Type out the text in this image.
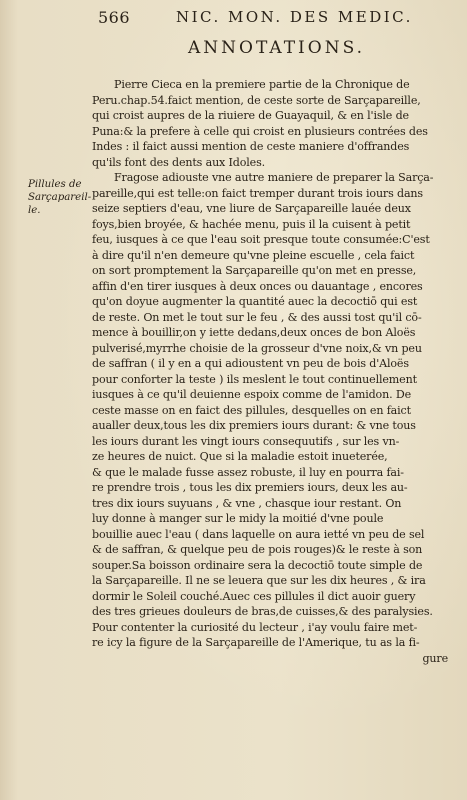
566	NIC. MON. DES MEDIC.
ANNOTATIONS.
Pillules de
Sarçapareil-
le.
Pierre Cieca en la premiere partie de la Chronique de
Peru.chap.54.faict mention, de ceste sorte de Sarçapareille,
qui croist aupres de la riuiere de Guayaquil, & en l'isle de
Puna:& la prefere à celle qui croist en plusieurs contrées des
Indes : il faict aussi mention de ceste maniere d'offrandes
qu'ils font des dents aux Idoles.
Fragose adiouste vne autre maniere de preparer la Sarça-
pareille,qui est telle:on faict tremper durant trois iours dans
seize septiers d'eau, vne liure de Sarçapareille lauée deux
foys,bien broyée, & hachée menu, puis il la cuisent à petit
feu, iusques à ce que l'eau soit presque toute consumée:C'est
à dire qu'il n'en demeure qu'vne pleine escuelle , cela faict
on sort promptement la Sarçapareille qu'on met en presse,
affin d'en tirer iusques à deux onces ou dauantage , encores
qu'on doyue augmenter la quantité auec la decoctiō qui est
de reste. On met le tout sur le feu , & des aussi tost qu'il cō-
mence à bouillir,on y iette dedans,deux onces de bon Aloës
pulverisé,myrrhe choisie de la grosseur d'vne noix,& vn peu
de saffran ( il y en a qui adioustent vn peu de bois d'Aloës
pour conforter la teste ) ils meslent le tout continuellement
iusques à ce qu'il deuienne espoix comme de l'amidon. De
ceste masse on en faict des pillules, desquelles on en faict
aualler deux,tous les dix premiers iours durant: & vne tous
les iours durant les vingt iours consequutifs , sur les vn-
ze heures de nuict. Que si la maladie estoit inueterée,
& que le malade fusse assez robuste, il luy en pourra fai-
re prendre trois , tous les dix premiers iours, deux les au-
tres dix iours suyuans , & vne , chasque iour restant. On
luy donne à manger sur le midy la moitié d'vne poule
bouillie auec l'eau ( dans laquelle on aura ietté vn peu de sel
& de saffran, & quelque peu de pois rouges)& le reste à son
souper.Sa boisson ordinaire sera la decoctiō toute simple de
la Sarçapareille. Il ne se leuera que sur les dix heures , & ira
dormir le Soleil couché.Auec ces pillules il dict auoir guery
des tres grieues douleurs de bras,de cuisses,& des paralysies.
Pour contenter la curiosité du lecteur , i'ay voulu faire met-
re icy la figure de la Sarçapareille de l'Amerique, tu as la fi-
gure
